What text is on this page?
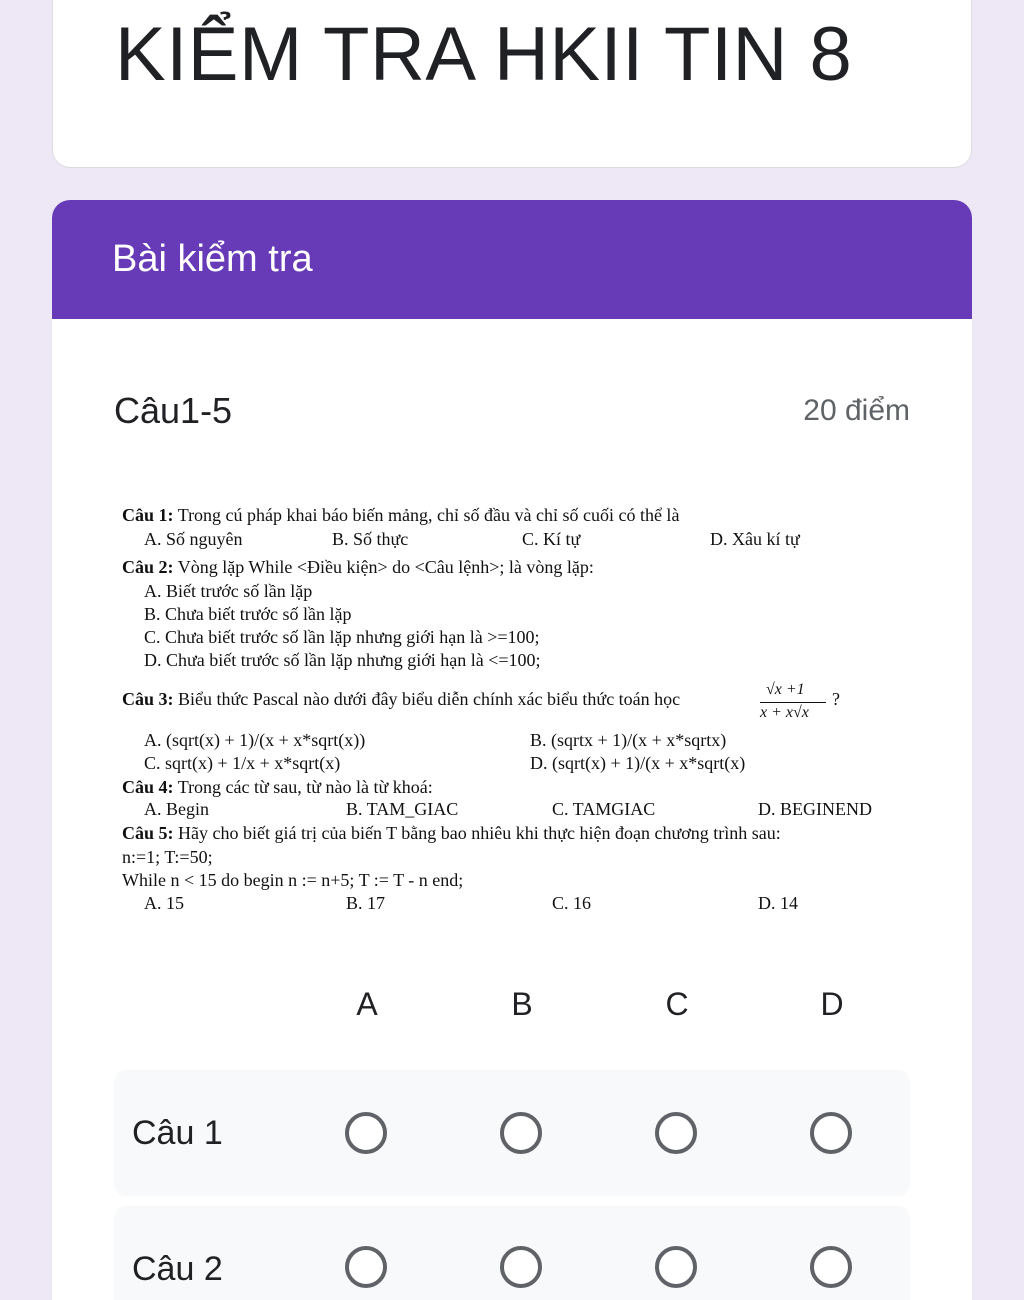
KIỂM TRA HKII TIN 8
Bài kiểm tra
Câu1-5	20 điểm
Câu 1: Trong cú pháp khai báo biến mảng, chỉ số đầu và chỉ số cuối có thể là
A. Số nguyên	B. Số thực	C. Kí tự	D. Xâu kí tự
Câu 2: Vòng lặp While <Điều kiện> do <Câu lệnh>; là vòng lặp:
A. Biết trước số lần lặp
B. Chưa biết trước số lần lặp
C. Chưa biết trước số lần lặp nhưng giới hạn là >=100;
D. Chưa biết trước số lần lặp nhưng giới hạn là <=100;
Câu 3: Biểu thức Pascal nào dưới đây biểu diễn chính xác biểu thức toán học	√x +1
x + x√x
?
A. (sqrt(x) + 1)/(x + x*sqrt(x))	B. (sqrtx + 1)/(x + x*sqrtx)
C. sqrt(x) + 1/x + x*sqrt(x)	D. (sqrt(x) + 1)/(x + x*sqrt(x)
Câu 4: Trong các từ sau, từ nào là từ khoá:
A. Begin	B. TAM_GIAC	C. TAMGIAC	D. BEGINEND
Câu 5: Hãy cho biết giá trị của biến T bằng bao nhiêu khi thực hiện đoạn chương trình sau:
n:=1; T:=50;
While n < 15 do begin n := n+5; T := T - n end;
A. 15	B. 17	C. 16	D. 14
A	B	C	D
Câu 1
Câu 2
